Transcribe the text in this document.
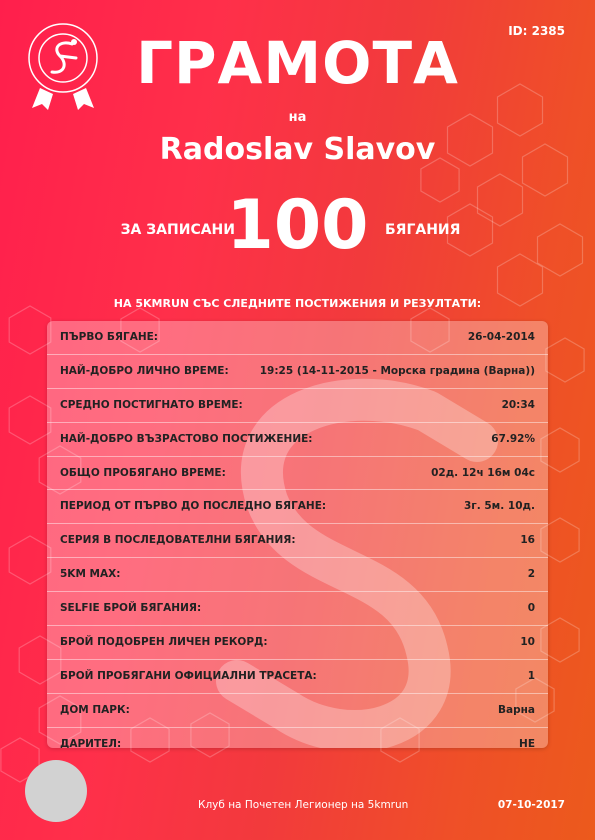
ID: 2385
ГРАМОТА
на
Radoslav Slavov
ЗА ЗАПИСАНИ
100	БЯГАНИЯ
НА 5KMRUN СЪС СЛЕДНИТЕ ПОСТИЖЕНИЯ И РЕЗУЛТАТИ:
ПЪРВО БЯГАНЕ:	26-04-2014
НАЙ-ДОБРО ЛИЧНО ВРЕМЕ:	19:25 (14-11-2015 - Морска градина (Варна))
СРЕДНО ПОСТИГНАТО ВРЕМЕ:	20:34
НАЙ-ДОБРО ВЪЗРАСТОВО ПОСТИЖЕНИЕ:	67.92%
ОБЩО ПРОБЯГАНО ВРЕМЕ:	02д. 12ч 16м 04с
ПЕРИОД ОТ ПЪРВО ДО ПОСЛЕДНО БЯГАНЕ:	3г. 5м. 10д.
СЕРИЯ В ПОСЛЕДОВАТЕЛНИ БЯГАНИЯ:	16
5KM MAX:	2
SELFIE БРОЙ БЯГАНИЯ:	0
БРОЙ ПОДОБРЕН ЛИЧЕН РЕКОРД:	10
БРОЙ ПРОБЯГАНИ ОФИЦИАЛНИ ТРАСЕТА:	1
ДОМ ПАРК:	Варна
ДАРИТЕЛ:	НЕ
Клуб на Почетен Легионер на 5kmrun	07-10-2017
